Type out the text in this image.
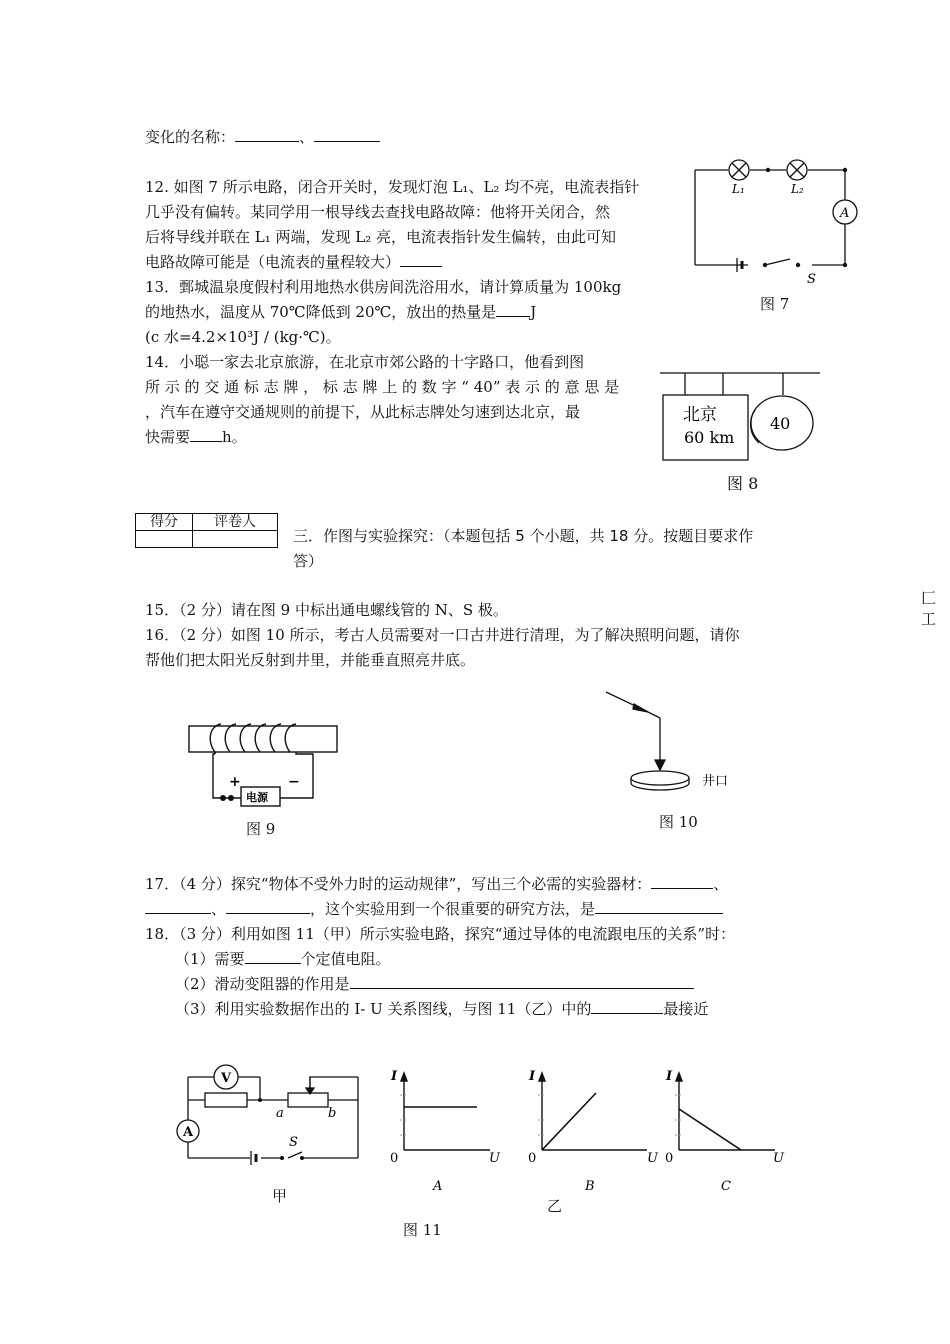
变化的名称：	、
12. 如图 7 所示电路，闭合开关时，发现灯泡 L₁、L₂ 均不亮，电流表指针
几乎没有偏转。某同学用一根导线去查找电路故障：他将开关闭合，然
后将导线并联在 L₁ 两端，发现 L₂ 亮，电流表指针发生偏转，由此可知
电路故障可能是（电流表的量程较大）
13．鄄城温泉度假村利用地热水供房间洗浴用水，请计算质量为 100kg
的地热水，温度从 70℃降低到 20℃，放出的热量是 J
(c 水=4.2×10³J / (kg·℃)。
14．小聪一家去北京旅游，在北京市郊公路的十字路口，他看到图
所 示 的 交 通 标 志 牌 ， 标 志 牌 上 的 数 字 “ 40” 表 示 的 意 思 是
，汽车在遵守交通规则的前提下，从此标志牌处匀速到达北京，最
快需要 h。
L₁	L₂
A
S
图 7
北京
60 km
40
图 8
得分	评卷人

三．作图与实验探究：（本题包括 5 个小题，共 18 分。按题目要求作
答）
匚工
15．（2 分）请在图 9 中标出通电螺线管的 N、S 极。
16．（2 分）如图 10 所示，考古人员需要对一口古井进行清理，为了解决照明问题，请你
帮他们把太阳光反射到井里，并能垂直照亮井底。
+	−
电源
图 9
井口
图 10
17．（4 分）探究“物体不受外力时的运动规律”，写出三个必需的实验器材：	、
、	，这个实验用到一个很重要的研究方法，是
18．（3 分）利用如图 11（甲）所示实验电路，探究“通过导体的电流跟电压的关系”时：
（1）需要	个定值电阻。
（2）滑动变阻器的作用是
（3）利用实验数据作出的 I- U 关系图线，与图 11（乙）中的	最接近
V
A
S
a	b
甲
I
0	U
A
I
0	U
B
I
0	U
C
乙
图 11
